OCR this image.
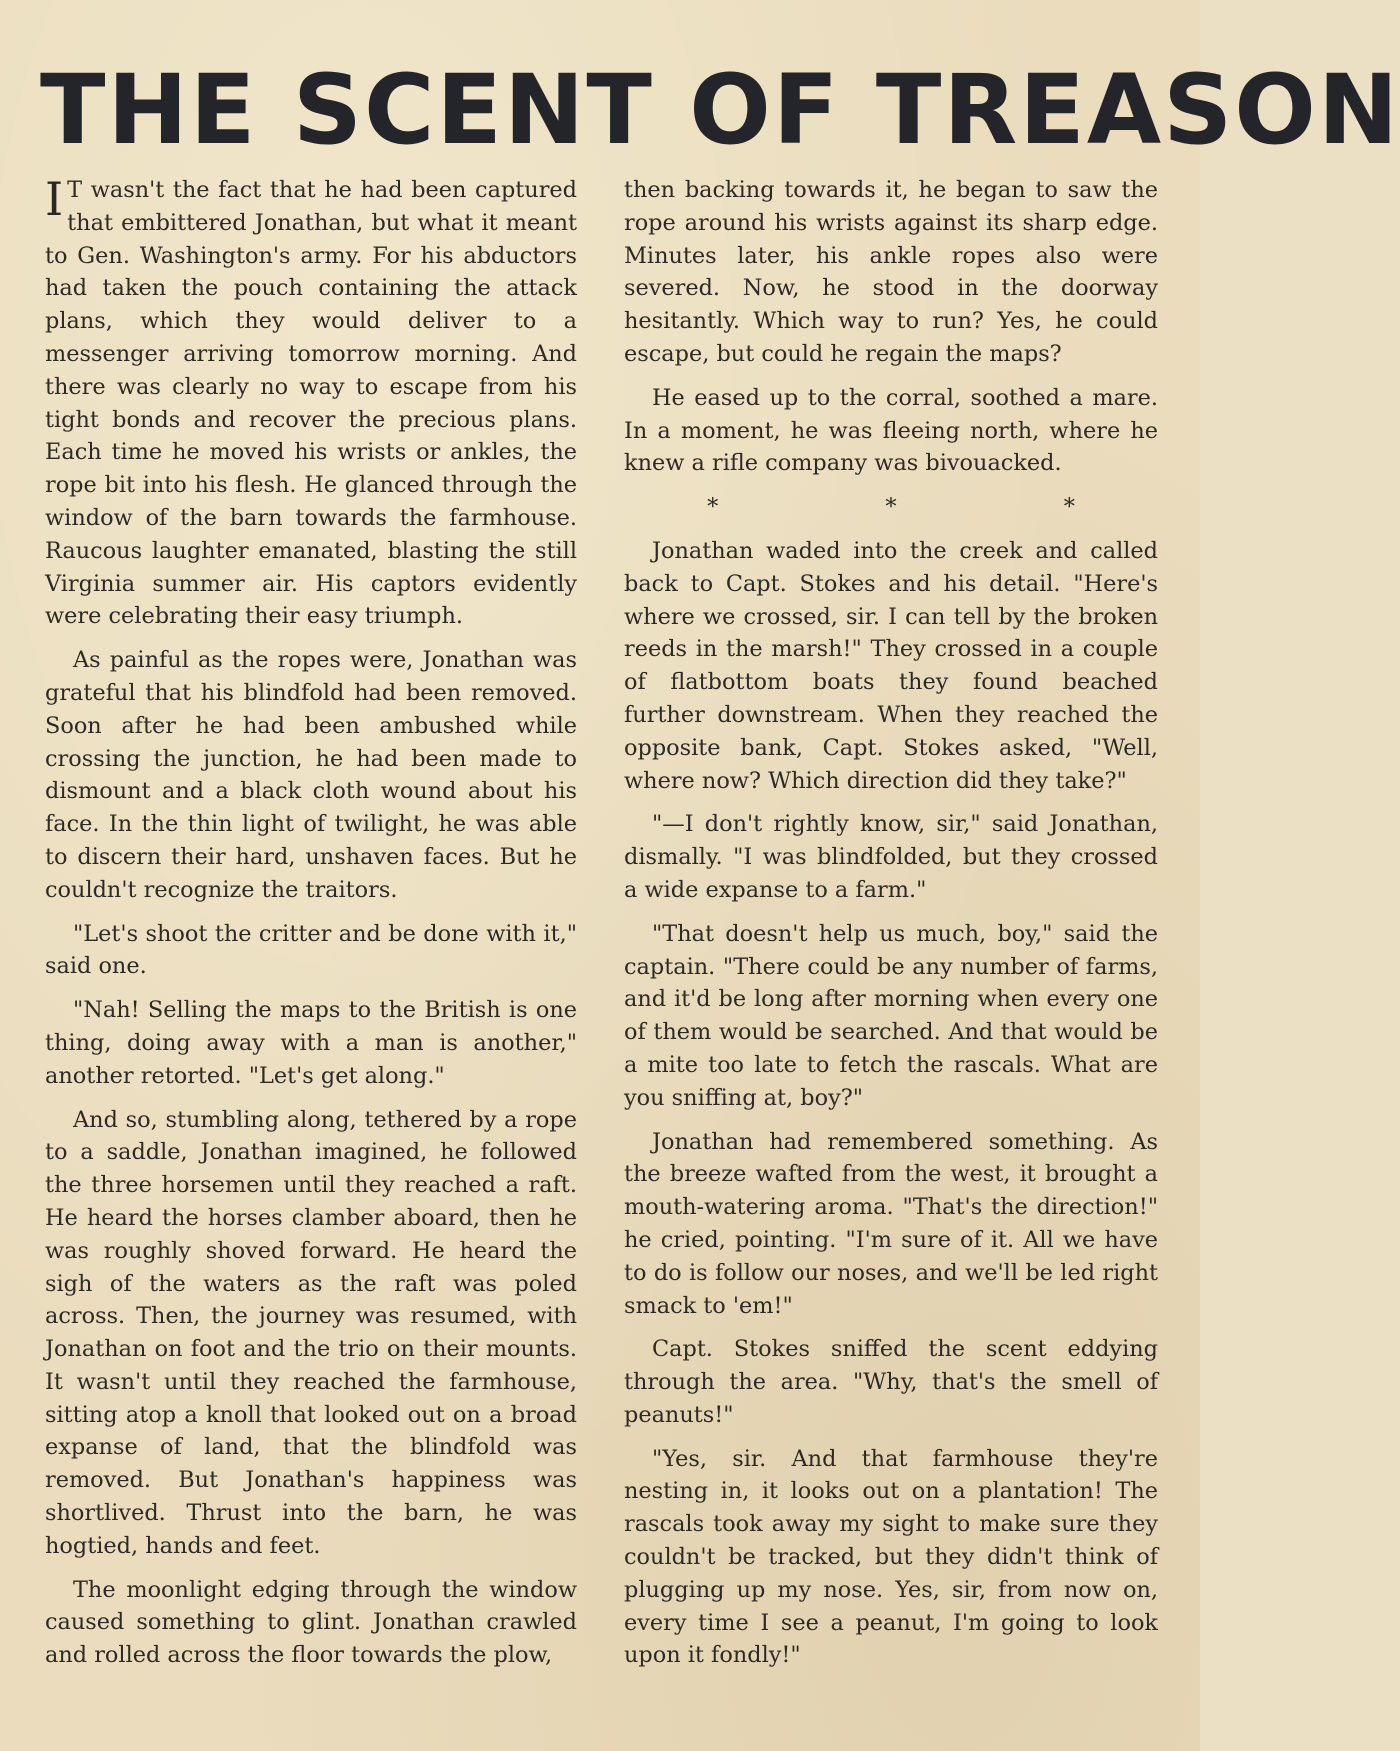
THE SCENT OF TREASON

I T wasn't the fact that he had been captured that embittered Jonathan, but what it meant to Gen. Washington's army. For his abductors had taken the pouch containing the attack plans, which they would deliver to a messenger arriving tomorrow morning. And there was clearly no way to escape from his tight bonds and recover the precious plans. Each time he moved his wrists or ankles, the rope bit into his flesh. He glanced through the window of the barn towards the farmhouse. Raucous laughter emanated, blasting the still Virginia summer air. His captors evidently were celebrating their easy triumph.

As painful as the ropes were, Jonathan was grateful that his blindfold had been removed. Soon after he had been ambushed while crossing the junction, he had been made to dismount and a black cloth wound about his face. In the thin light of twilight, he was able to discern their hard, unshaven faces. But he couldn't recognize the traitors.

"Let's shoot the critter and be done with it," said one.

"Nah! Selling the maps to the British is one thing, doing away with a man is another," another retorted. "Let's get along."

And so, stumbling along, tethered by a rope to a saddle, Jonathan imagined, he followed the three horsemen until they reached a raft. He heard the horses clamber aboard, then he was roughly shoved forward. He heard the sigh of the waters as the raft was poled across. Then, the journey was resumed, with Jonathan on foot and the trio on their mounts. It wasn't until they reached the farmhouse, sitting atop a knoll that looked out on a broad expanse of land, that the blindfold was removed. But Jonathan's happiness was shortlived. Thrust into the barn, he was hogtied, hands and feet.

The moonlight edging through the window caused something to glint. Jonathan crawled and rolled across the floor towards the plow,

then backing towards it, he began to saw the rope around his wrists against its sharp edge. Minutes later, his ankle ropes also were severed. Now, he stood in the doorway hesitantly. Which way to run? Yes, he could escape, but could he regain the maps?

He eased up to the corral, soothed a mare. In a moment, he was fleeing north, where he knew a rifle company was bivouacked.

* * *

Jonathan waded into the creek and called back to Capt. Stokes and his detail. "Here's where we crossed, sir. I can tell by the broken reeds in the marsh!" They crossed in a couple of flatbottom boats they found beached further downstream. When they reached the opposite bank, Capt. Stokes asked, "Well, where now? Which direction did they take?"

"—I don't rightly know, sir," said Jonathan, dismally. "I was blindfolded, but they crossed a wide expanse to a farm."

"That doesn't help us much, boy," said the captain. "There could be any number of farms, and it'd be long after morning when every one of them would be searched. And that would be a mite too late to fetch the rascals. What are you sniffing at, boy?"

Jonathan had remembered something. As the breeze wafted from the west, it brought a mouth-watering aroma. "That's the direction!" he cried, pointing. "I'm sure of it. All we have to do is follow our noses, and we'll be led right smack to 'em!"

Capt. Stokes sniffed the scent eddying through the area. "Why, that's the smell of peanuts!"

"Yes, sir. And that farmhouse they're nesting in, it looks out on a plantation! The rascals took away my sight to make sure they couldn't be tracked, but they didn't think of plugging up my nose. Yes, sir, from now on, every time I see a peanut, I'm going to look upon it fondly!"
